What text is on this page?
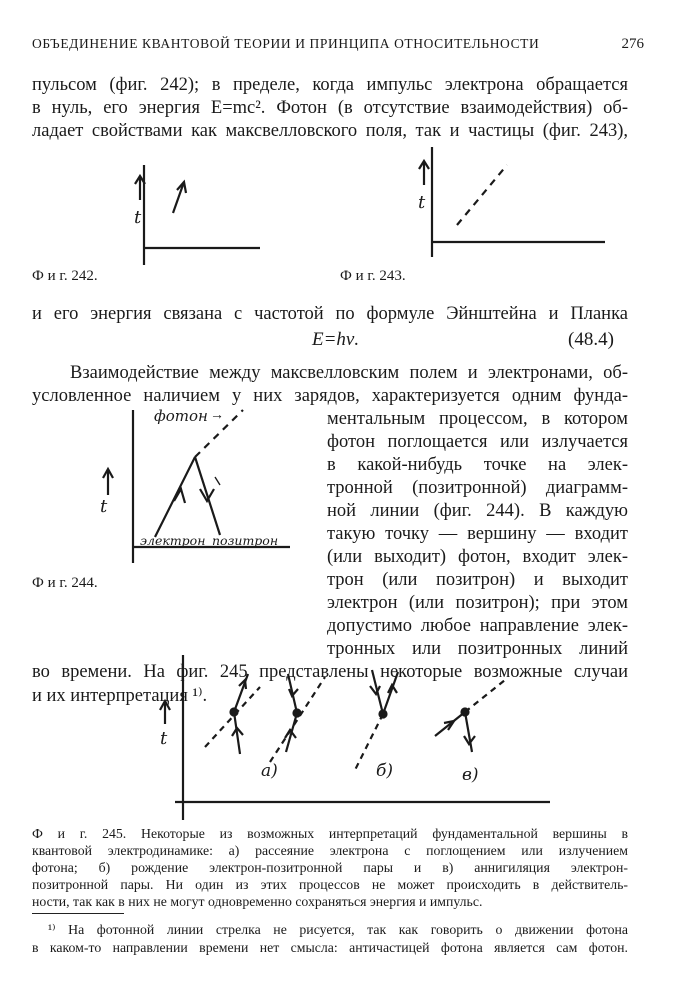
ОБЪЕДИНЕНИЕ КВАНТОВОЙ ТЕОРИИ И ПРИНЦИПА ОТНОСИТЕЛЬНОСТИ	276
пульсом (фиг. 242); в пределе, когда импульс электрона обращается
в нуль, его энергия E=mc². Фотон (в отсутствие взаимодействия) об-
ладает свойствами как максвелловского поля, так и частицы (фиг. 243),
t
Ф и г. 242.
t
Ф и г. 243.
и его энергия связана с частотой по формуле Эйнштейна и Планка
E=hν.	(48.4)
Взаимодействие между максвелловским полем и электронами, об-
условленное наличием у них зарядов, характеризуется одним фунда-
ментальным процессом, в котором
фотон поглощается или излучается
в какой-нибудь точке на элек-
тронной (позитронной) диаграмм-
ной линии (фиг. 244). В каждую
такую точку — вершину — входит
(или выходит) фотон, входит элек-
трон (или позитрон) и выходит
электрон (или позитрон); при этом
допустимо любое направление элек-
тронных или позитронных линий
во времени. На фиг. 245 представлены некоторые возможные случаи
и их интерпретация ¹⁾.
фотон →
t
электрон позитрон
Ф и г. 244.
t
а)	б)	в)
Ф и г. 245. Некоторые из возможных интерпретаций фундаментальной вершины в
квантовой электродинамике: а) рассеяние электрона с поглощением или излучением
фотона; б) рождение электрон-позитронной пары и в) аннигиляция электрон-
позитронной пары. Ни один из этих процессов не может происходить в действитель-
ности, так как в них не могут одновременно сохраняться энергия и импульс.
¹⁾ На фотонной линии стрелка не рисуется, так как говорить о движении фотона
в каком-то направлении времени нет смысла: античастицей фотона является сам фотон.
